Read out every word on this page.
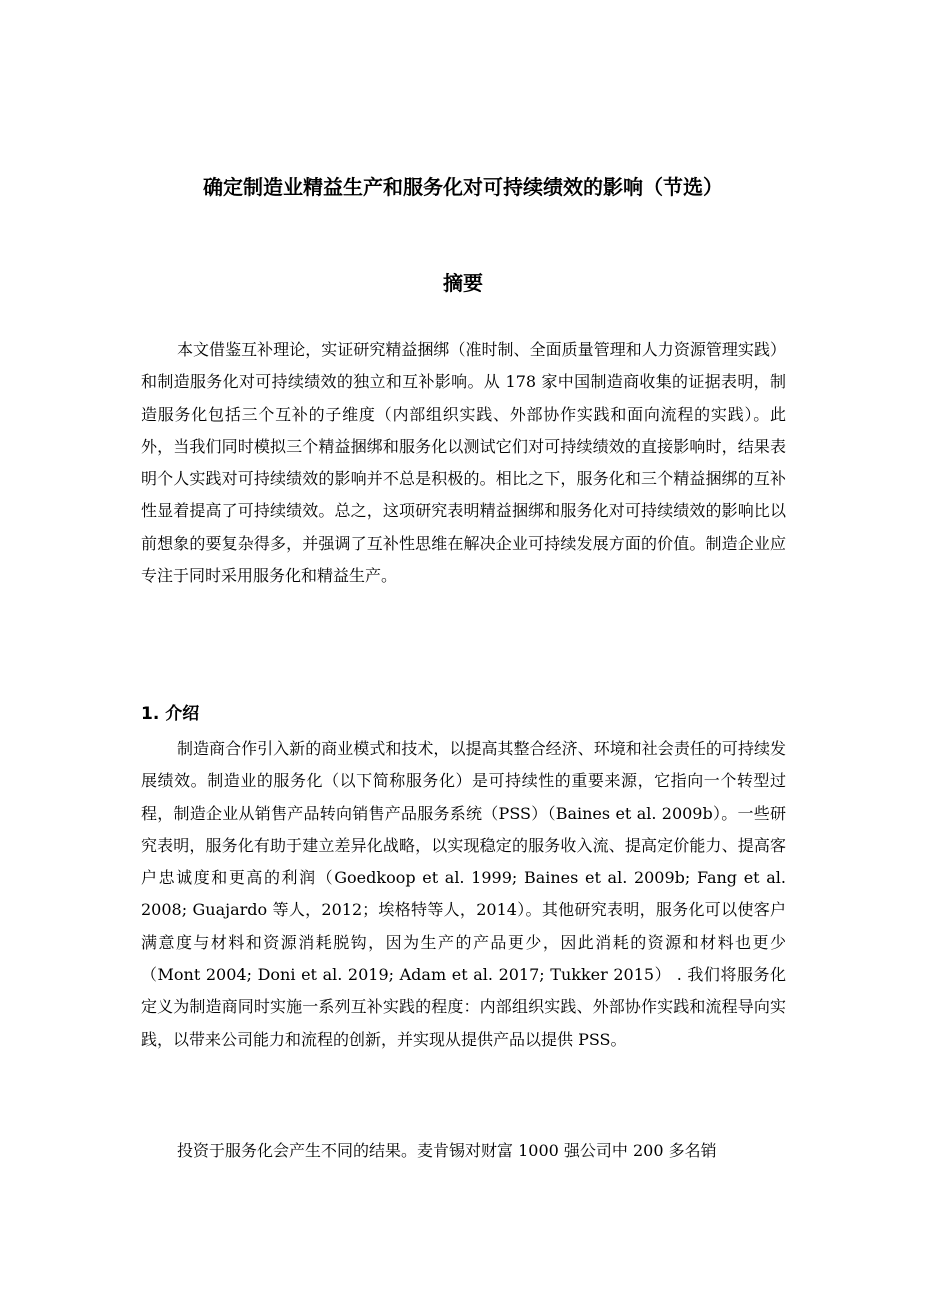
确定制造业精益生产和服务化对可持续绩效的影响（节选）
摘要

本文借鉴互补理论，实证研究精益捆绑（准时制、全面质量管理和人力资源管理实践）和制造服务化对可持续绩效的独立和互补影响。从 178 家中国制造商收集的证据表明，制造服务化包括三个互补的子维度（内部组织实践、外部协作实践和面向流程的实践）。此外，当我们同时模拟三个精益捆绑和服务化以测试它们对可持续绩效的直接影响时，结果表明个人实践对可持续绩效的影响并不总是积极的。相比之下，服务化和三个精益捆绑的互补性显着提高了可持续绩效。总之，这项研究表明精益捆绑和服务化对可持续绩效的影响比以前想象的要复杂得多，并强调了互补性思维在解决企业可持续发展方面的价值。制造企业应专注于同时采用服务化和精益生产。

1. 介绍

制造商合作引入新的商业模式和技术，以提高其整合经济、环境和社会责任的可持续发展绩效。制造业的服务化（以下简称服务化）是可持续性的重要来源，它指向一个转型过程，制造企业从销售产品转向销售产品服务系统（PSS）（Baines et al. 2009b）。一些研究表明，服务化有助于建立差异化战略，以实现稳定的服务收入流、提高定价能力、提高客户忠诚度和更高的利润（Goedkoop et al. 1999; Baines et al. 2009b; Fang et al. 2008; Guajardo 等人，2012；埃格特等人，2014）。其他研究表明，服务化可以使客户满意度与材料和资源消耗脱钩，因为生产的产品更少，因此消耗的资源和材料也更少（Mont 2004; Doni et al. 2019; Adam et al. 2017; Tukker 2015） . 我们将服务化定义为制造商同时实施一系列互补实践的程度：内部组织实践、外部协作实践和流程导向实践，以带来公司能力和流程的创新，并实现从提供产品以提供 PSS。

投资于服务化会产生不同的结果。麦肯锡对财富 1000 强公司中 200 多名销
